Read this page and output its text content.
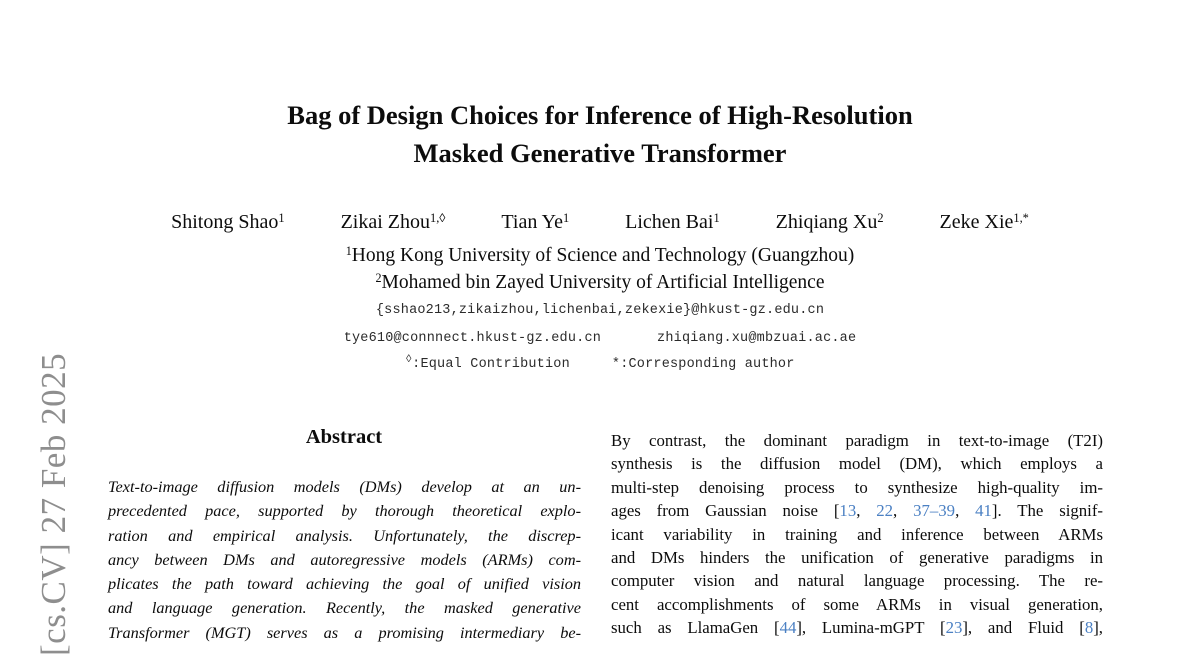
[cs.CV] 27 Feb 2025
Bag of Design Choices for Inference of High-Resolution
Masked Generative Transformer
Shitong Shao$^1$	Zikai Zhou$^{1,◊}$	Tian Ye$^1$	Lichen Bai$^1$	Zhiqiang Xu$^2$	Zeke Xie$^{1,*}$
$^1$Hong Kong University of Science and Technology (Guangzhou)
$^2$Mohamed bin Zayed University of Artificial Intelligence
{sshao213,zikaizhou,lichenbai,zekexie}@hkust-gz.edu.cn
tye610@connnect.hkust-gz.edu.cn	zhiqiang.xu@mbzuai.ac.ae
◊:Equal Contribution	*:Corresponding author
Abstract
Text-to-image diffusion models (DMs) develop at an un-
precedented pace, supported by thorough theoretical explo-
ration and empirical analysis. Unfortunately, the discrep-
ancy between DMs and autoregressive models (ARMs) com-
plicates the path toward achieving the goal of unified vision
and language generation. Recently, the masked generative
Transformer (MGT) serves as a promising intermediary be-
By contrast, the dominant paradigm in text-to-image (T2I)
synthesis is the diffusion model (DM), which employs a
multi-step denoising process to synthesize high-quality im-
ages from Gaussian noise [13, 22, 37–39, 41]. The signif-
icant variability in training and inference between ARMs
and DMs hinders the unification of generative paradigms in
computer vision and natural language processing. The re-
cent accomplishments of some ARMs in visual generation,
such as LlamaGen [44], Lumina-mGPT [23], and Fluid [8],
